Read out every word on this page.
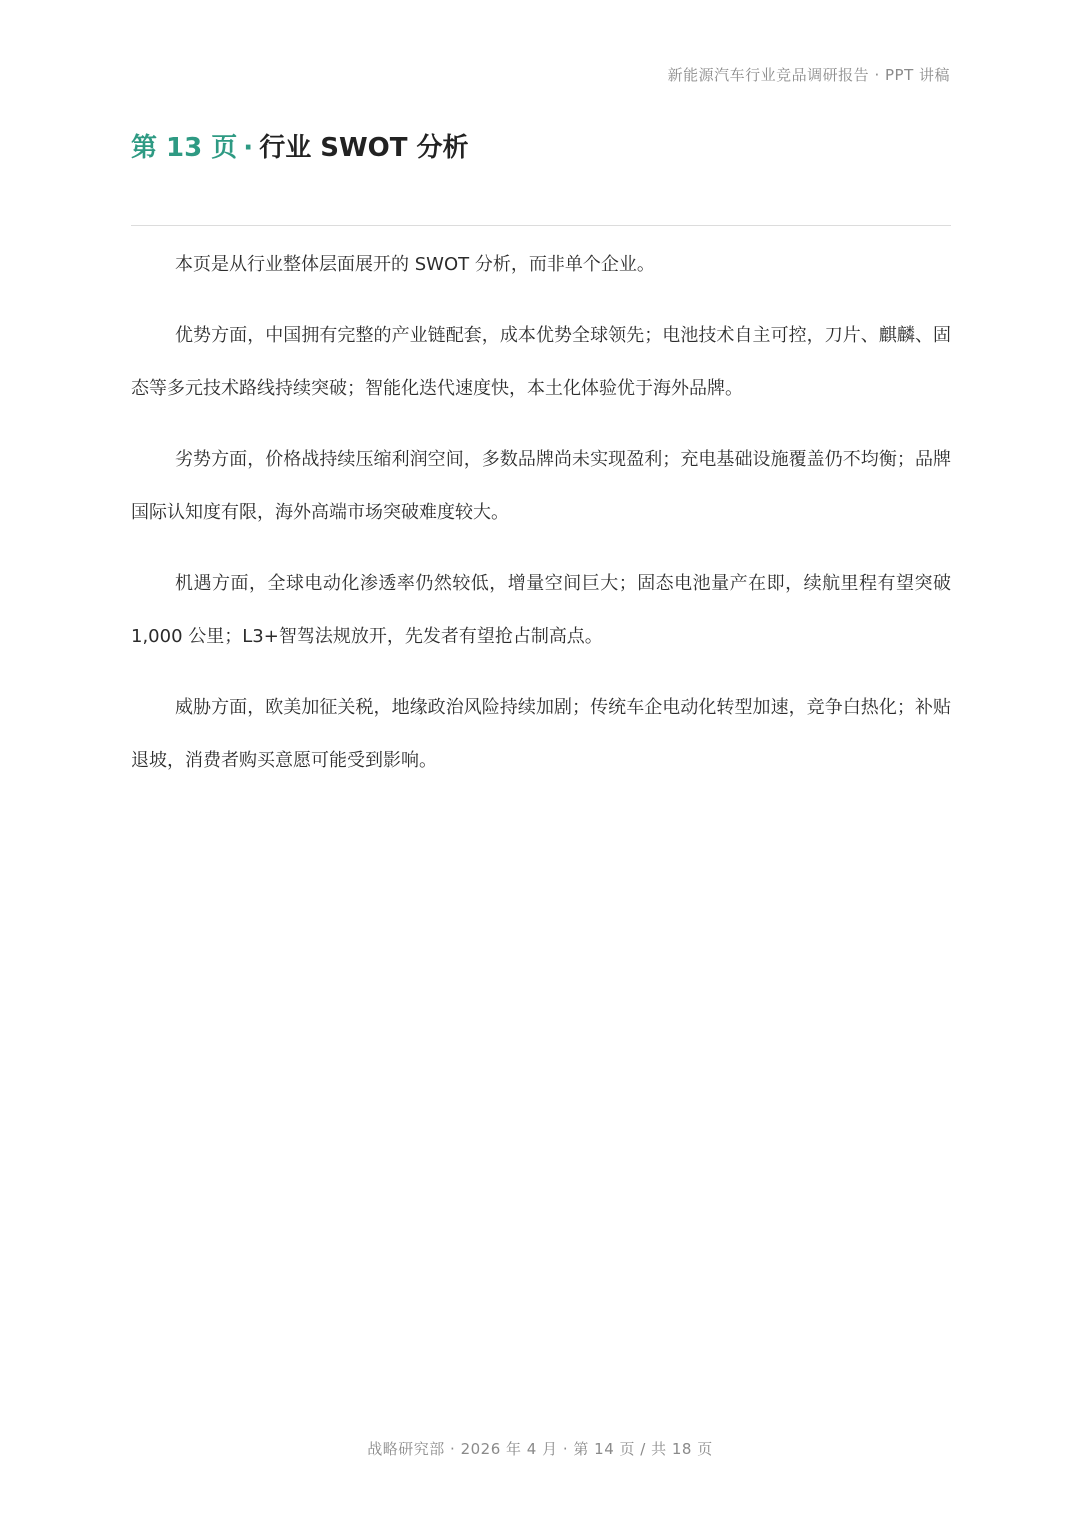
新能源汽车行业竞品调研报告 · PPT 讲稿
第 13 页 · 行业 SWOT 分析

本页是从行业整体层面展开的 SWOT 分析，而非单个企业。

优势方面，中国拥有完整的产业链配套，成本优势全球领先；电池技术自主可控，刀片、麒麟、固态等多元技术路线持续突破；智能化迭代速度快，本土化体验优于海外品牌。

劣势方面，价格战持续压缩利润空间，多数品牌尚未实现盈利；充电基础设施覆盖仍不均衡；品牌国际认知度有限，海外高端市场突破难度较大。

机遇方面，全球电动化渗透率仍然较低，增量空间巨大；固态电池量产在即，续航里程有望突破 1,000 公里；L3+智驾法规放开，先发者有望抢占制高点。

威胁方面，欧美加征关税，地缘政治风险持续加剧；传统车企电动化转型加速，竞争白热化；补贴退坡，消费者购买意愿可能受到影响。

战略研究部 · 2026 年 4 月 · 第 14 页 / 共 18 页
